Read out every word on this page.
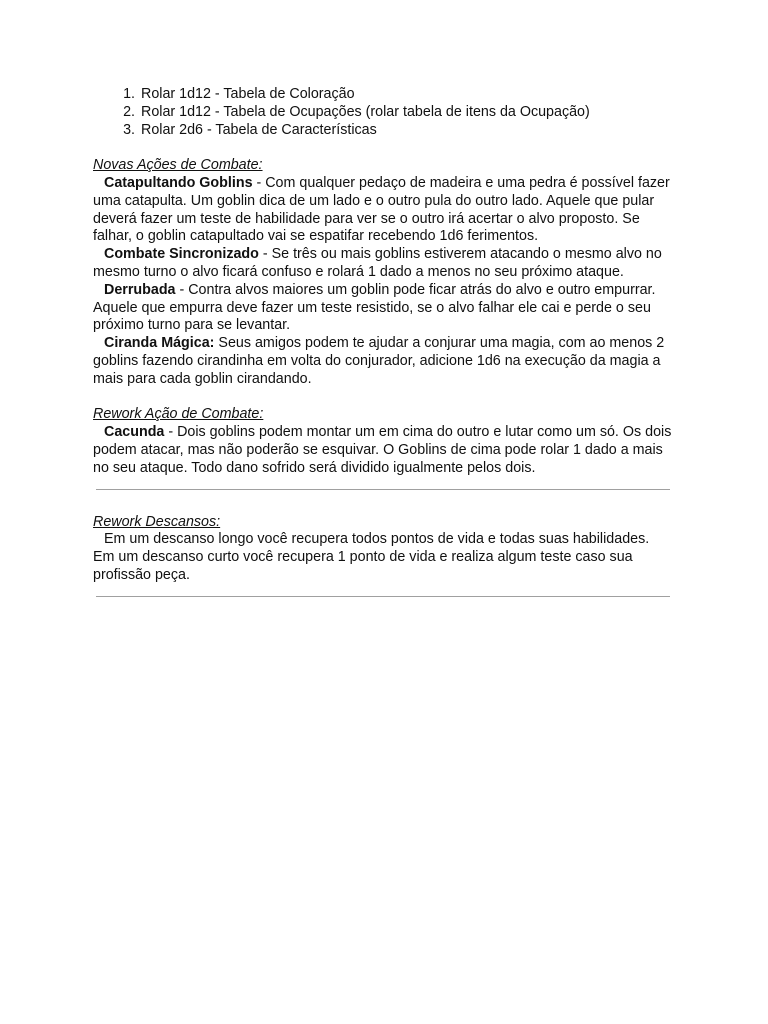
1. Rolar 1d12 - Tabela de Coloração
2. Rolar 1d12 - Tabela de Ocupações (rolar tabela de itens da Ocupação)
3. Rolar 2d6 - Tabela de Características

Novas Ações de Combate:

Catapultando Goblins - Com qualquer pedaço de madeira e uma pedra é possível fazer uma catapulta. Um goblin dica de um lado e o outro pula do outro lado. Aquele que pular deverá fazer um teste de habilidade para ver se o outro irá acertar o alvo proposto. Se falhar, o goblin catapultado vai se espatifar recebendo 1d6 ferimentos.

Combate Sincronizado - Se três ou mais goblins estiverem atacando o mesmo alvo no mesmo turno o alvo ficará confuso e rolará 1 dado a menos no seu próximo ataque.

Derrubada - Contra alvos maiores um goblin pode ficar atrás do alvo e outro empurrar. Aquele que empurra deve fazer um teste resistido, se o alvo falhar ele cai e perde o seu próximo turno para se levantar.

Ciranda Mágica: Seus amigos podem te ajudar a conjurar uma magia, com ao menos 2 goblins fazendo cirandinha em volta do conjurador, adicione 1d6 na execução da magia a mais para cada goblin cirandando.

Rework Ação de Combate:

Cacunda - Dois goblins podem montar um em cima do outro e lutar como um só. Os dois podem atacar, mas não poderão se esquivar. O Goblins de cima pode rolar 1 dado a mais no seu ataque. Todo dano sofrido será dividido igualmente pelos dois.

Rework Descansos:

Em um descanso longo você recupera todos pontos de vida e todas suas habilidades. Em um descanso curto você recupera 1 ponto de vida e realiza algum teste caso sua profissão peça.
